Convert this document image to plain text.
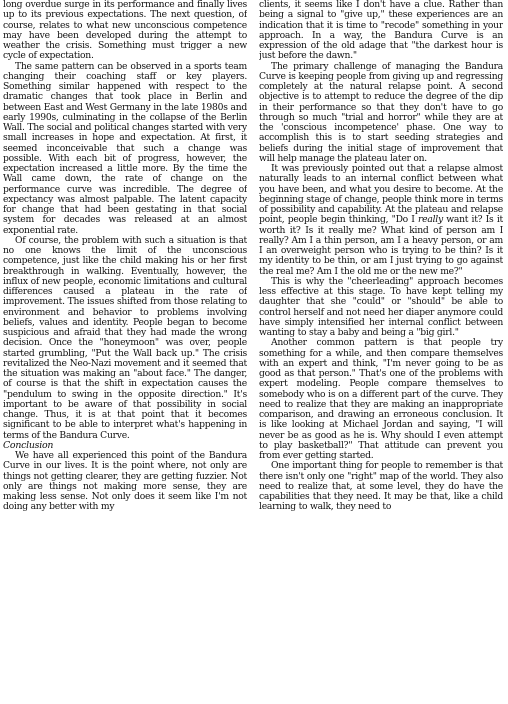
long overdue surge in its performance and finally lives up to its previous expectations. The next question, of course, relates to what new unconscious competence may have been developed during the attempt to weather the crisis. Something must trigger a new cycle of expectation.

The same pattern can be observed in a sports team changing their coaching staff or key players. Something similar happened with respect to the dramatic changes that took place in Berlin and between East and West Germany in the late 1980s and early 1990s, culminating in the collapse of the Berlin Wall. The social and political changes started with very small increases in hope and expectation. At first, it seemed inconceivable that such a change was possible. With each bit of progress, however, the expectation increased a little more. By the time the Wall came down, the rate of change on the performance curve was incredible. The degree of expectancy was almost palpable. The latent capacity for change that had been gestating in that social system for decades was released at an almost exponential rate.

Of course, the problem with such a situation is that no one knows the limit of the unconscious competence, just like the child making his or her first breakthrough in walking. Eventually, however, the influx of new people, economic limitations and cultural differences caused a plateau in the rate of improvement. The issues shifted from those relating to environment and behavior to problems involving beliefs, values and identity. People began to become suspicious and afraid that they had made the wrong decision. Once the "honeymoon" was over, people started grumbling, "Put the Wall back up." The crisis revitalized the Neo-Nazi movement and it seemed that the situation was making an "about face." The danger, of course is that the shift in expectation causes the "pendulum to swing in the opposite direction." It's important to be aware of that possibility in social change. Thus, it is at that point that it becomes significant to be able to interpret what's happening in terms of the Bandura Curve.

Conclusion

We have all experienced this point of the Bandura Curve in our lives. It is the point where, not only are things not getting clearer, they are getting fuzzier. Not only are things not making more sense, they are making less sense. Not only does it seem like I'm not doing any better with my

clients, it seems like I don't have a clue. Rather than being a signal to "give up," these experiences are an indication that it is time to "recode" something in your approach. In a way, the Bandura Curve is an expression of the old adage that "the darkest hour is just before the dawn."

The primary challenge of managing the Bandura Curve is keeping people from giving up and regressing completely at the natural relapse point. A second objective is to attempt to reduce the degree of the dip in their performance so that they don't have to go through so much "trial and horror" while they are at the 'conscious incompetence' phase. One way to accomplish this is to start seeding strategies and beliefs during the initial stage of improvement that will help manage the plateau later on.

It was previously pointed out that a relapse almost naturally leads to an internal conflict between what you have been, and what you desire to become. At the beginning stage of change, people think more in terms of possibility and capability. At the plateau and relapse point, people begin thinking, "Do I really want it? Is it worth it? Is it really me? What kind of person am I really? Am I a thin person, am I a heavy person, or am I an overweight person who is trying to be thin? Is it my identity to be thin, or am I just trying to go against the real me? Am I the old me or the new me?"

This is why the "cheerleading" approach becomes less effective at this stage. To have kept telling my daughter that she "could" or "should" be able to control herself and not need her diaper anymore could have simply intensified her internal conflict between wanting to stay a baby and being a "big girl."

Another common pattern is that people try something for a while, and then compare themselves with an expert and think, "I'm never going to be as good as that person." That's one of the problems with expert modeling. People compare themselves to somebody who is on a different part of the curve. They need to realize that they are making an inappropriate comparison, and drawing an erroneous conclusion. It is like looking at Michael Jordan and saying, "I will never be as good as he is. Why should I even attempt to play basketball?" That attitude can prevent you from ever getting started.

One important thing for people to remember is that there isn't only one "right" map of the world. They also need to realize that, at some level, they do have the capabilities that they need. It may be that, like a child learning to walk, they need to
